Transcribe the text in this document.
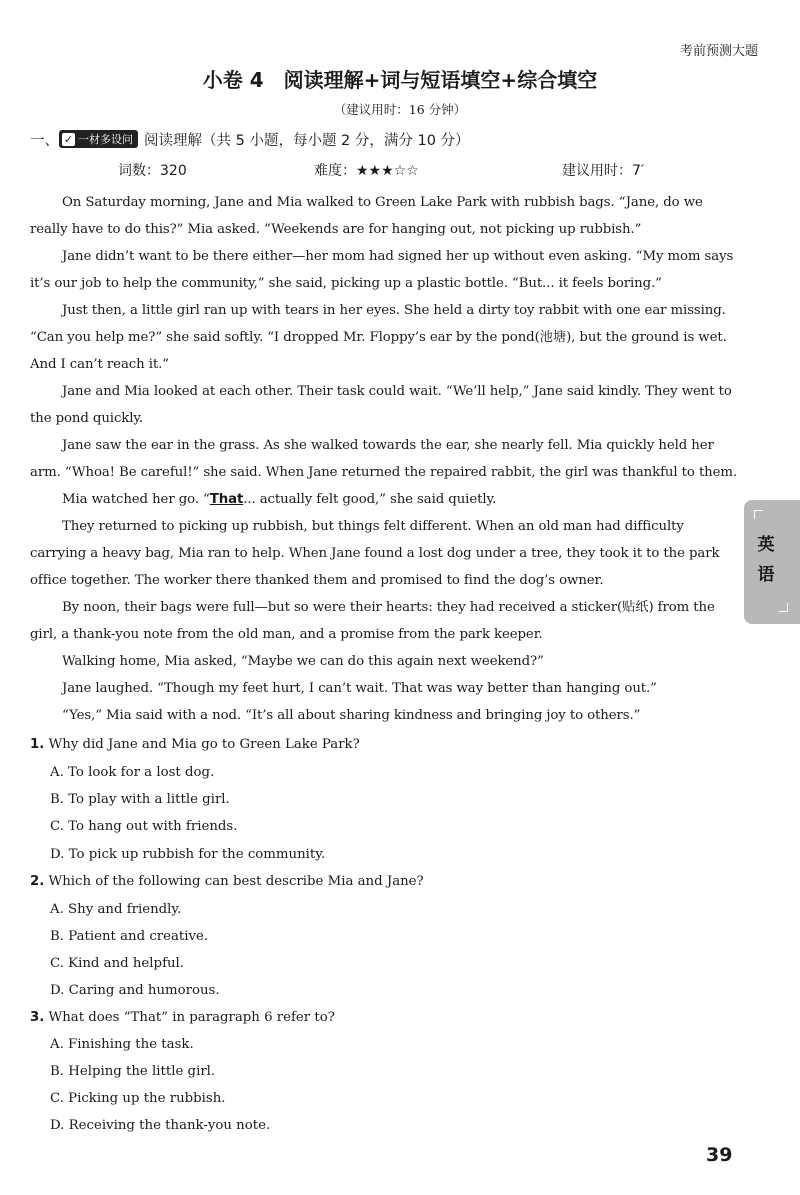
考前预测大题
小卷 4　阅读理解+词与短语填空+综合填空
（建议用时：16 分钟）
一、 ✓ 一材多设问 阅读理解（共 5 小题，每小题 2 分，满分 10 分）
词数：320	难度：★★★☆☆	建议用时：7′

On Saturday morning, Jane and Mia walked to Green Lake Park with rubbish bags. “Jane, do we really have to do this?” Mia asked. “Weekends are for hanging out, not picking up rubbish.”

Jane didn’t want to be there either—her mom had signed her up without even asking. “My mom says it’s our job to help the community,” she said, picking up a plastic bottle. “But... it feels boring.”

Just then, a little girl ran up with tears in her eyes. She held a dirty toy rabbit with one ear missing. “Can you help me?” she said softly. “I dropped Mr. Floppy’s ear by the pond(池塘), but the ground is wet. And I can’t reach it.”

Jane and Mia looked at each other. Their task could wait. “We’ll help,” Jane said kindly. They went to the pond quickly.

Jane saw the ear in the grass. As she walked towards the ear, she nearly fell. Mia quickly held her arm. “Whoa! Be careful!” she said. When Jane returned the repaired rabbit, the girl was thankful to them.

Mia watched her go. “That... actually felt good,” she said quietly.

They returned to picking up rubbish, but things felt different. When an old man had difficulty carrying a heavy bag, Mia ran to help. When Jane found a lost dog under a tree, they took it to the park office together. The worker there thanked them and promised to find the dog’s owner.

By noon, their bags were full—but so were their hearts: they had received a sticker(贴纸) from the girl, a thank-you note from the old man, and a promise from the park keeper.

Walking home, Mia asked, “Maybe we can do this again next weekend?”

Jane laughed. “Though my feet hurt, I can’t wait. That was way better than hanging out.”

“Yes,” Mia said with a nod. “It’s all about sharing kindness and bringing joy to others.”

1. Why did Jane and Mia go to Green Lake Park?
A. To look for a lost dog.
B. To play with a little girl.
C. To hang out with friends.
D. To pick up rubbish for the community.
2. Which of the following can best describe Mia and Jane?
A. Shy and friendly.
B. Patient and creative.
C. Kind and helpful.
D. Caring and humorous.
3. What does “That” in paragraph 6 refer to?
A. Finishing the task.
B. Helping the little girl.
C. Picking up the rubbish.
D. Receiving the thank-you note.
英
语
39
